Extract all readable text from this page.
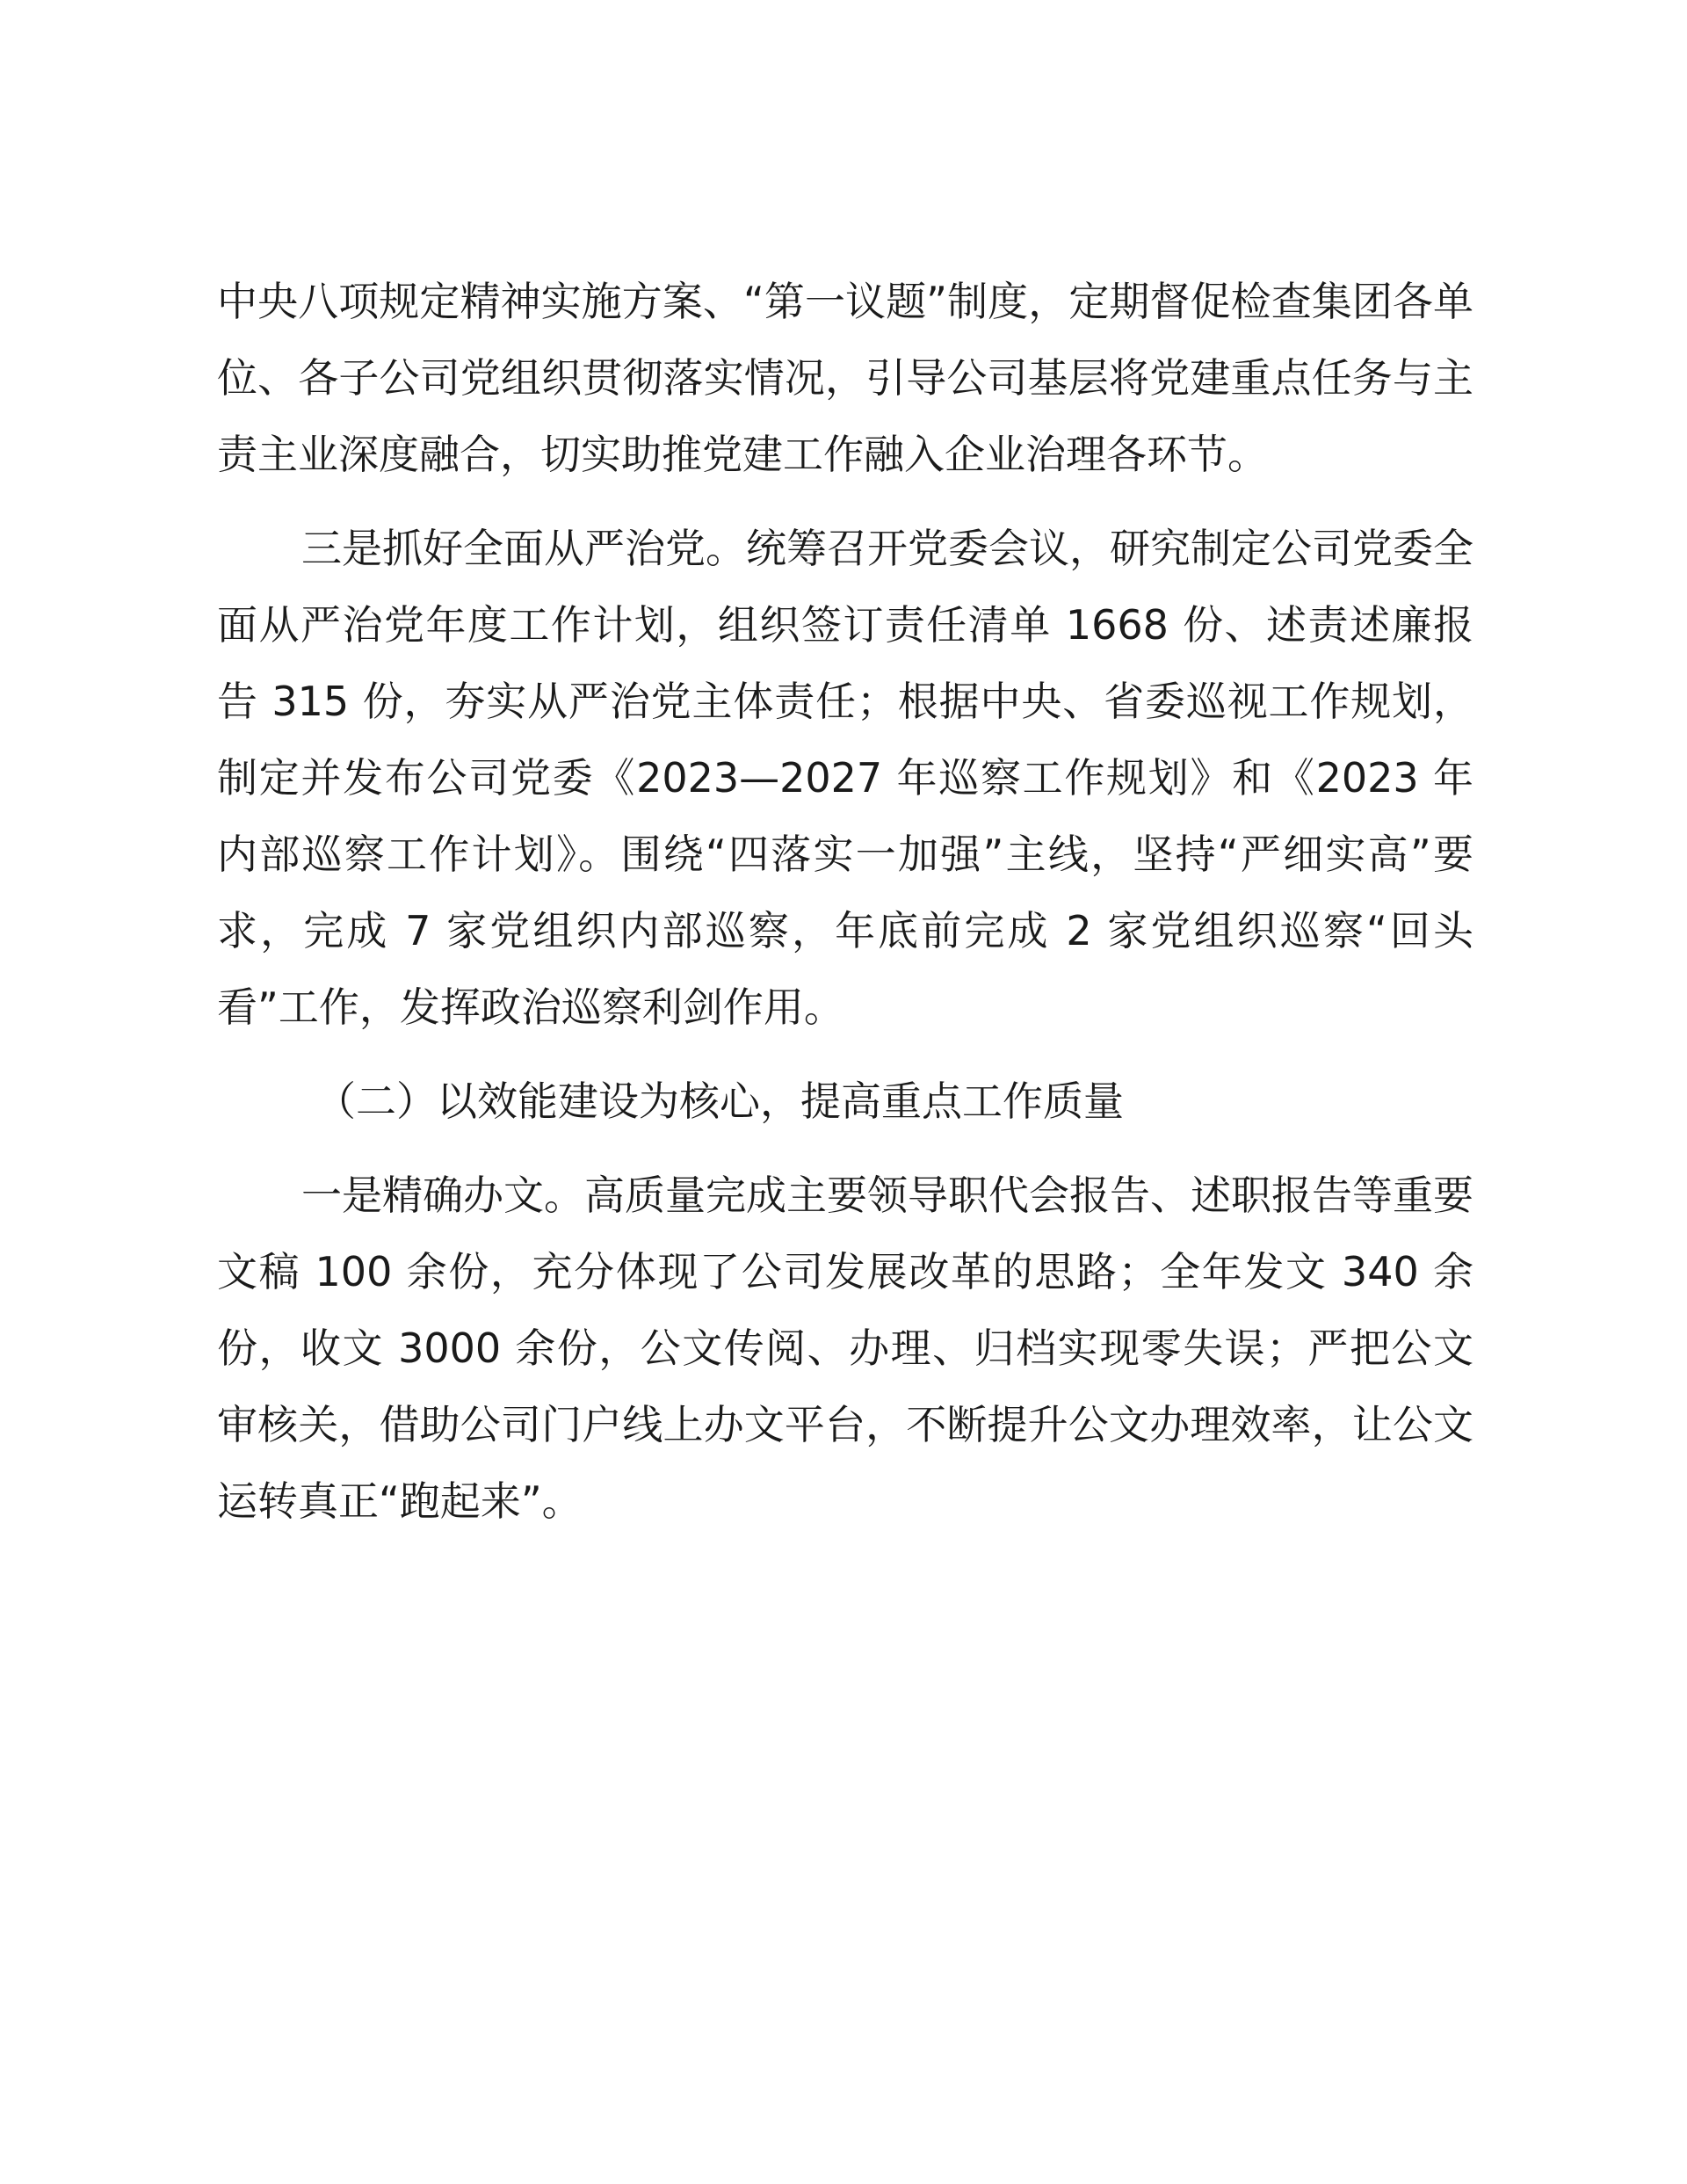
中央八项规定精神实施方案、“第一议题”制度，定期督促检查集团各单位、各子公司党组织贯彻落实情况，引导公司基层将党建重点任务与主责主业深度融合，切实助推党建工作融入企业治理各环节。

三是抓好全面从严治党。统筹召开党委会议，研究制定公司党委全面从严治党年度工作计划，组织签订责任清单 1668 份、述责述廉报告 315 份，夯实从严治党主体责任；根据中央、省委巡视工作规划，制定并发布公司党委《2023—2027 年巡察工作规划》和《2023 年内部巡察工作计划》。围绕“四落实一加强”主线，坚持“严细实高”要求，完成 7 家党组织内部巡察，年底前完成 2 家党组织巡察“回头看”工作，发挥政治巡察利剑作用。

（二）以效能建设为核心，提高重点工作质量

一是精确办文。高质量完成主要领导职代会报告、述职报告等重要文稿 100 余份，充分体现了公司发展改革的思路；全年发文 340 余份，收文 3000 余份，公文传阅、办理、归档实现零失误；严把公文审核关，借助公司门户线上办文平台，不断提升公文办理效率，让公文运转真正“跑起来”。
